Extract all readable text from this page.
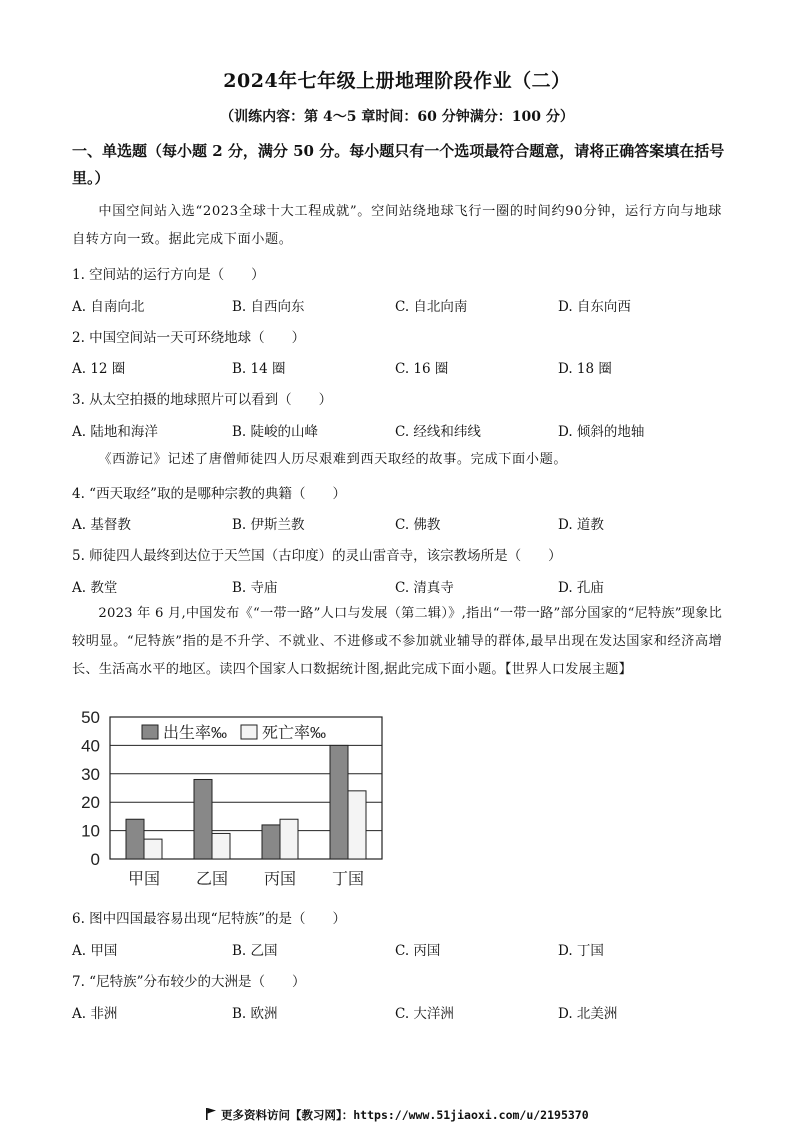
2024年七年级上册地理阶段作业（二）
（训练内容：第 4～5 章时间：60 分钟满分：100 分）
一、单选题（每小题 2 分，满分 50 分。每小题只有一个选项最符合题意，请将正确答案填在括号里。）
中国空间站入选“2023全球十大工程成就”。空间站绕地球飞行一圈的时间约90分钟，运行方向与地球自转方向一致。据此完成下面小题。
1. 空间站的运行方向是（　　）
A. 自南向北	B. 自西向东	C. 自北向南	D. 自东向西
2. 中国空间站一天可环绕地球（　　）
A. 12 圈	B. 14 圈	C. 16 圈	D. 18 圈
3. 从太空拍摄的地球照片可以看到（　　）
A. 陆地和海洋	B. 陡峻的山峰	C. 经线和纬线	D. 倾斜的地轴
《西游记》记述了唐僧师徒四人历尽艰难到西天取经的故事。完成下面小题。
4. “西天取经”取的是哪种宗教的典籍（　　）
A. 基督教	B. 伊斯兰教	C. 佛教	D. 道教
5. 师徒四人最终到达位于天竺国（古印度）的灵山雷音寺，该宗教场所是（　　）
A. 教堂	B. 寺庙	C. 清真寺	D. 孔庙
2023 年 6 月,中国发布《“一带一路”人口与发展（第二辑）》,指出“一带一路”部分国家的“尼特族”现象比较明显。“尼特族”指的是不升学、不就业、不进修或不参加就业辅导的群体,最早出现在发达国家和经济高增长、生活高水平的地区。读四个国家人口数据统计图,据此完成下面小题。【世界人口发展主题】
0
10
20
30
40
50
甲国 乙国 丙国 丁国
出生率‰ 死亡率‰
6. 图中四国最容易出现“尼特族”的是（　　）
A. 甲国	B. 乙国	C. 丙国	D. 丁国
7. “尼特族”分布较少的大洲是（　　）
A. 非洲	B. 欧洲	C. 大洋洲	D. 北美洲
更多资料访问【教习网】：https://www.51jiaoxi.com/u/2195370
